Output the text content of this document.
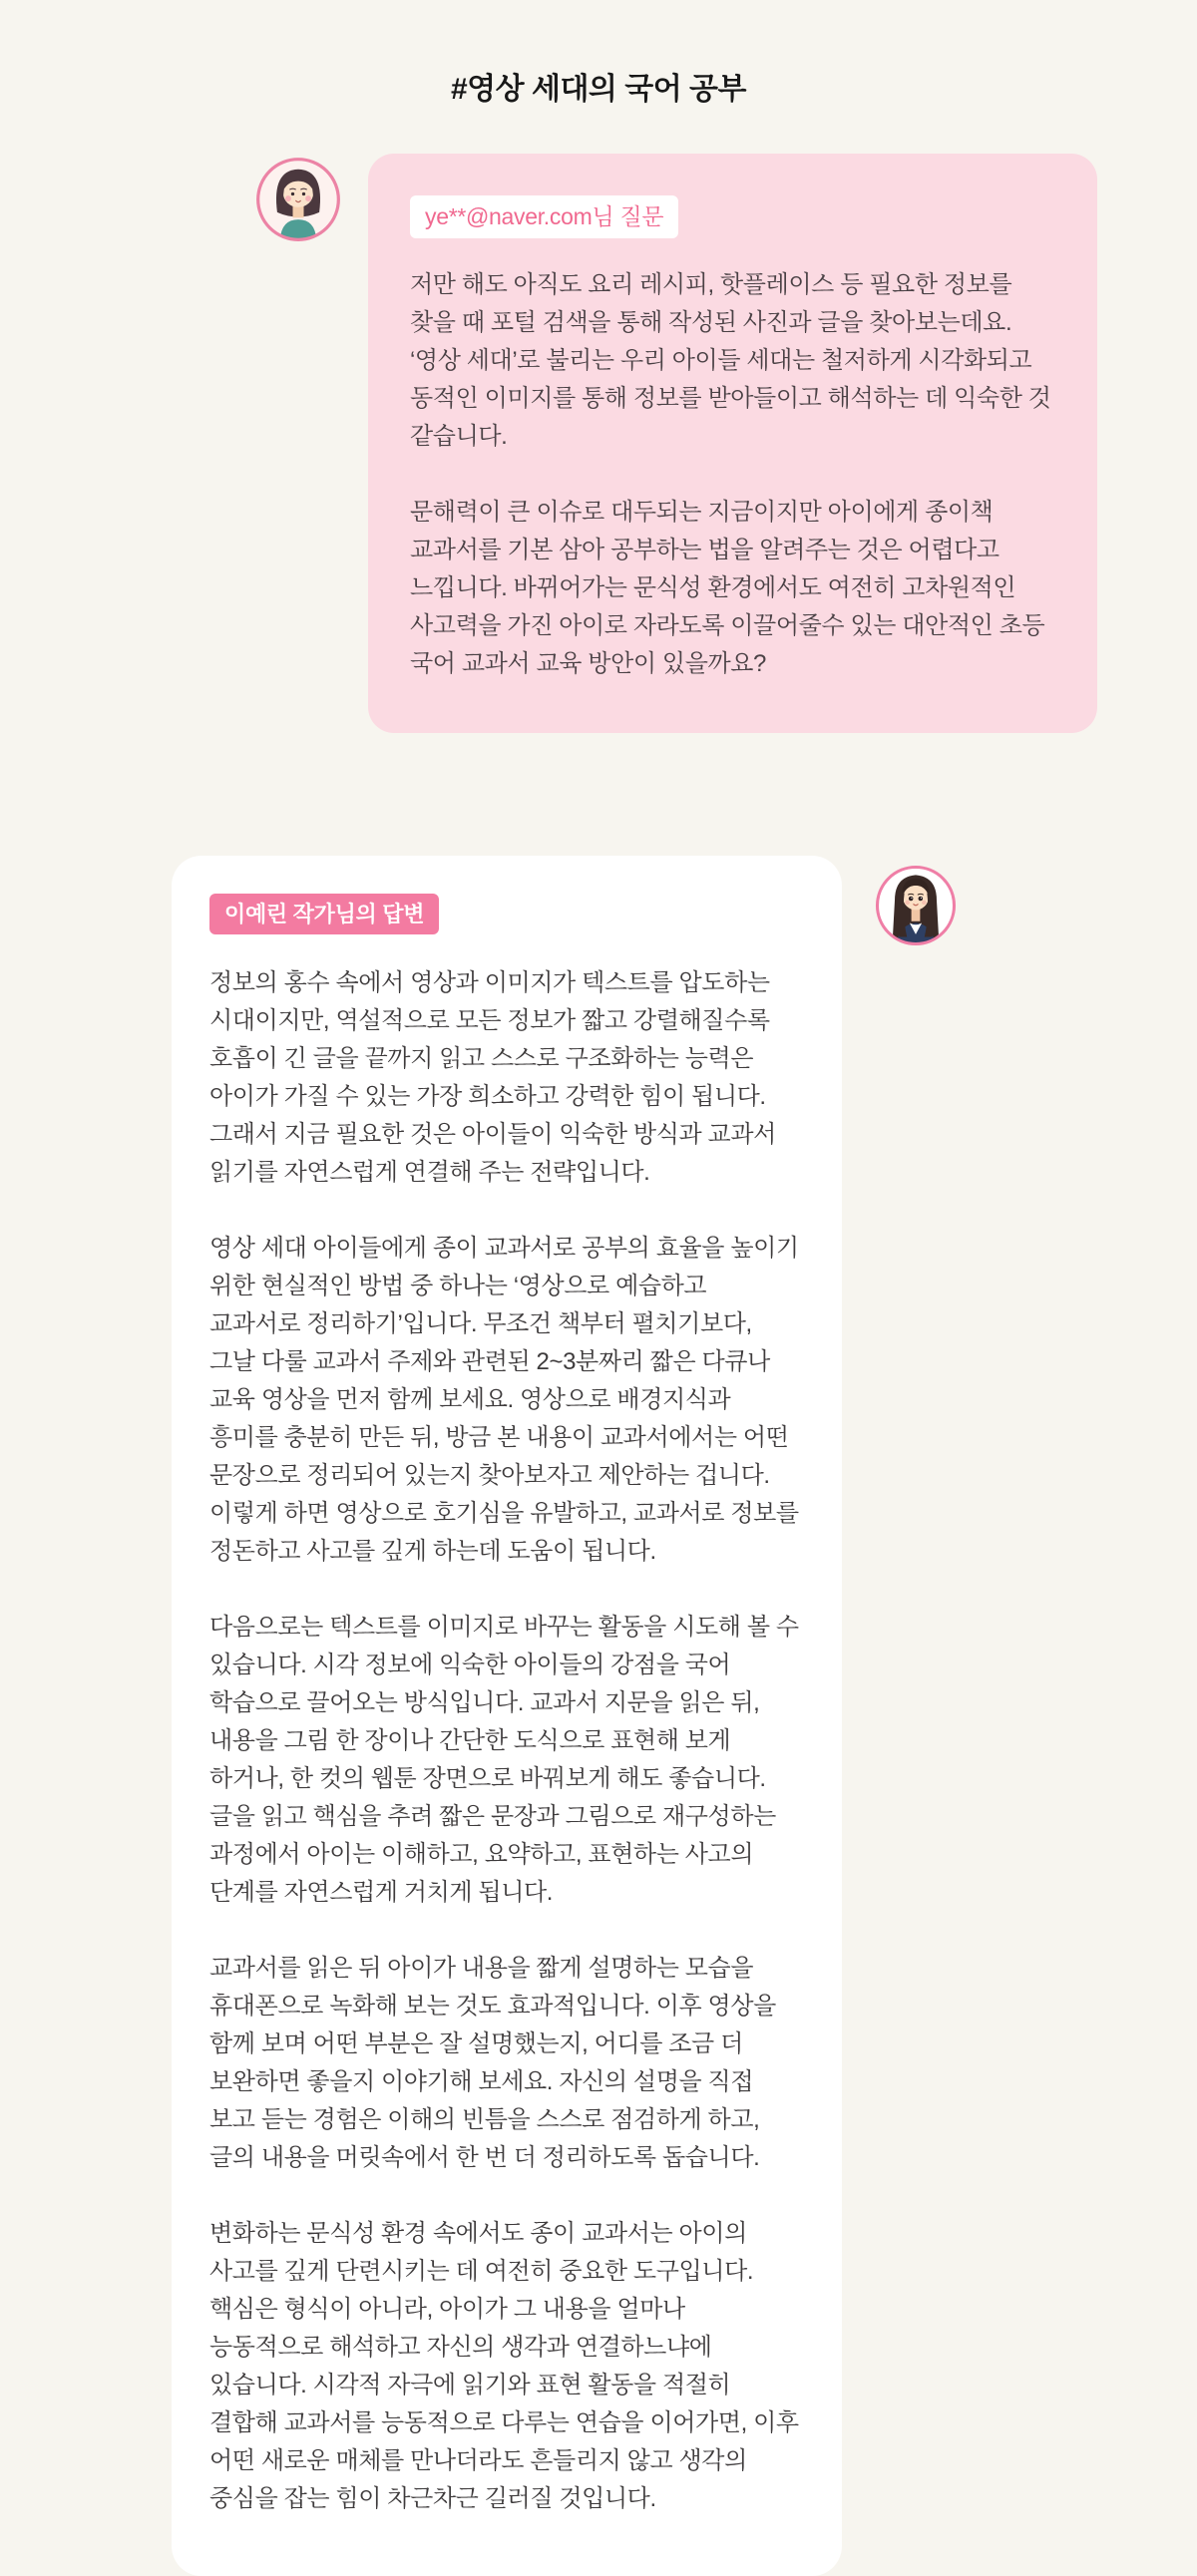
#영상 세대의 국어 공부
ye**@naver.com님 질문

저만 해도 아직도 요리 레시피, 핫플레이스 등 필요한 정보를 찾을 때 포털 검색을 통해 작성된 사진과 글을 찾아보는데요. ‘영상 세대’로 불리는 우리 아이들 세대는 철저하게 시각화되고 동적인 이미지를 통해 정보를 받아들이고 해석하는 데 익숙한 것 같습니다.

문해력이 큰 이슈로 대두되는 지금이지만 아이에게 종이책 교과서를 기본 삼아 공부하는 법을 알려주는 것은 어렵다고 느낍니다. 바뀌어가는 문식성 환경에서도 여전히 고차원적인 사고력을 가진 아이로 자라도록 이끌어줄수 있는 대안적인 초등 국어 교과서 교육 방안이 있을까요?

이예린 작가님의 답변

정보의 홍수 속에서 영상과 이미지가 텍스트를 압도하는 시대이지만, 역설적으로 모든 정보가 짧고 강렬해질수록 호흡이 긴 글을 끝까지 읽고 스스로 구조화하는 능력은 아이가 가질 수 있는 가장 희소하고 강력한 힘이 됩니다. 그래서 지금 필요한 것은 아이들이 익숙한 방식과 교과서 읽기를 자연스럽게 연결해 주는 전략입니다.

영상 세대 아이들에게 종이 교과서로 공부의 효율을 높이기 위한 현실적인 방법 중 하나는 ‘영상으로 예습하고 교과서로 정리하기’입니다. 무조건 책부터 펼치기보다, 그날 다룰 교과서 주제와 관련된 2~3분짜리 짧은 다큐나 교육 영상을 먼저 함께 보세요. 영상으로 배경지식과 흥미를 충분히 만든 뒤, 방금 본 내용이 교과서에서는 어떤 문장으로 정리되어 있는지 찾아보자고 제안하는 겁니다. 이렇게 하면 영상으로 호기심을 유발하고, 교과서로 정보를 정돈하고 사고를 깊게 하는데 도움이 됩니다.

다음으로는 텍스트를 이미지로 바꾸는 활동을 시도해 볼 수 있습니다. 시각 정보에 익숙한 아이들의 강점을 국어 학습으로 끌어오는 방식입니다. 교과서 지문을 읽은 뒤, 내용을 그림 한 장이나 간단한 도식으로 표현해 보게 하거나, 한 컷의 웹툰 장면으로 바꿔보게 해도 좋습니다. 글을 읽고 핵심을 추려 짧은 문장과 그림으로 재구성하는 과정에서 아이는 이해하고, 요약하고, 표현하는 사고의 단계를 자연스럽게 거치게 됩니다.

교과서를 읽은 뒤 아이가 내용을 짧게 설명하는 모습을 휴대폰으로 녹화해 보는 것도 효과적입니다. 이후 영상을 함께 보며 어떤 부분은 잘 설명했는지, 어디를 조금 더 보완하면 좋을지 이야기해 보세요. 자신의 설명을 직접 보고 듣는 경험은 이해의 빈틈을 스스로 점검하게 하고, 글의 내용을 머릿속에서 한 번 더 정리하도록 돕습니다.

변화하는 문식성 환경 속에서도 종이 교과서는 아이의 사고를 깊게 단련시키는 데 여전히 중요한 도구입니다. 핵심은 형식이 아니라, 아이가 그 내용을 얼마나 능동적으로 해석하고 자신의 생각과 연결하느냐에 있습니다. 시각적 자극에 읽기와 표현 활동을 적절히 결합해 교과서를 능동적으로 다루는 연습을 이어가면, 이후 어떤 새로운 매체를 만나더라도 흔들리지 않고 생각의 중심을 잡는 힘이 차근차근 길러질 것입니다.
